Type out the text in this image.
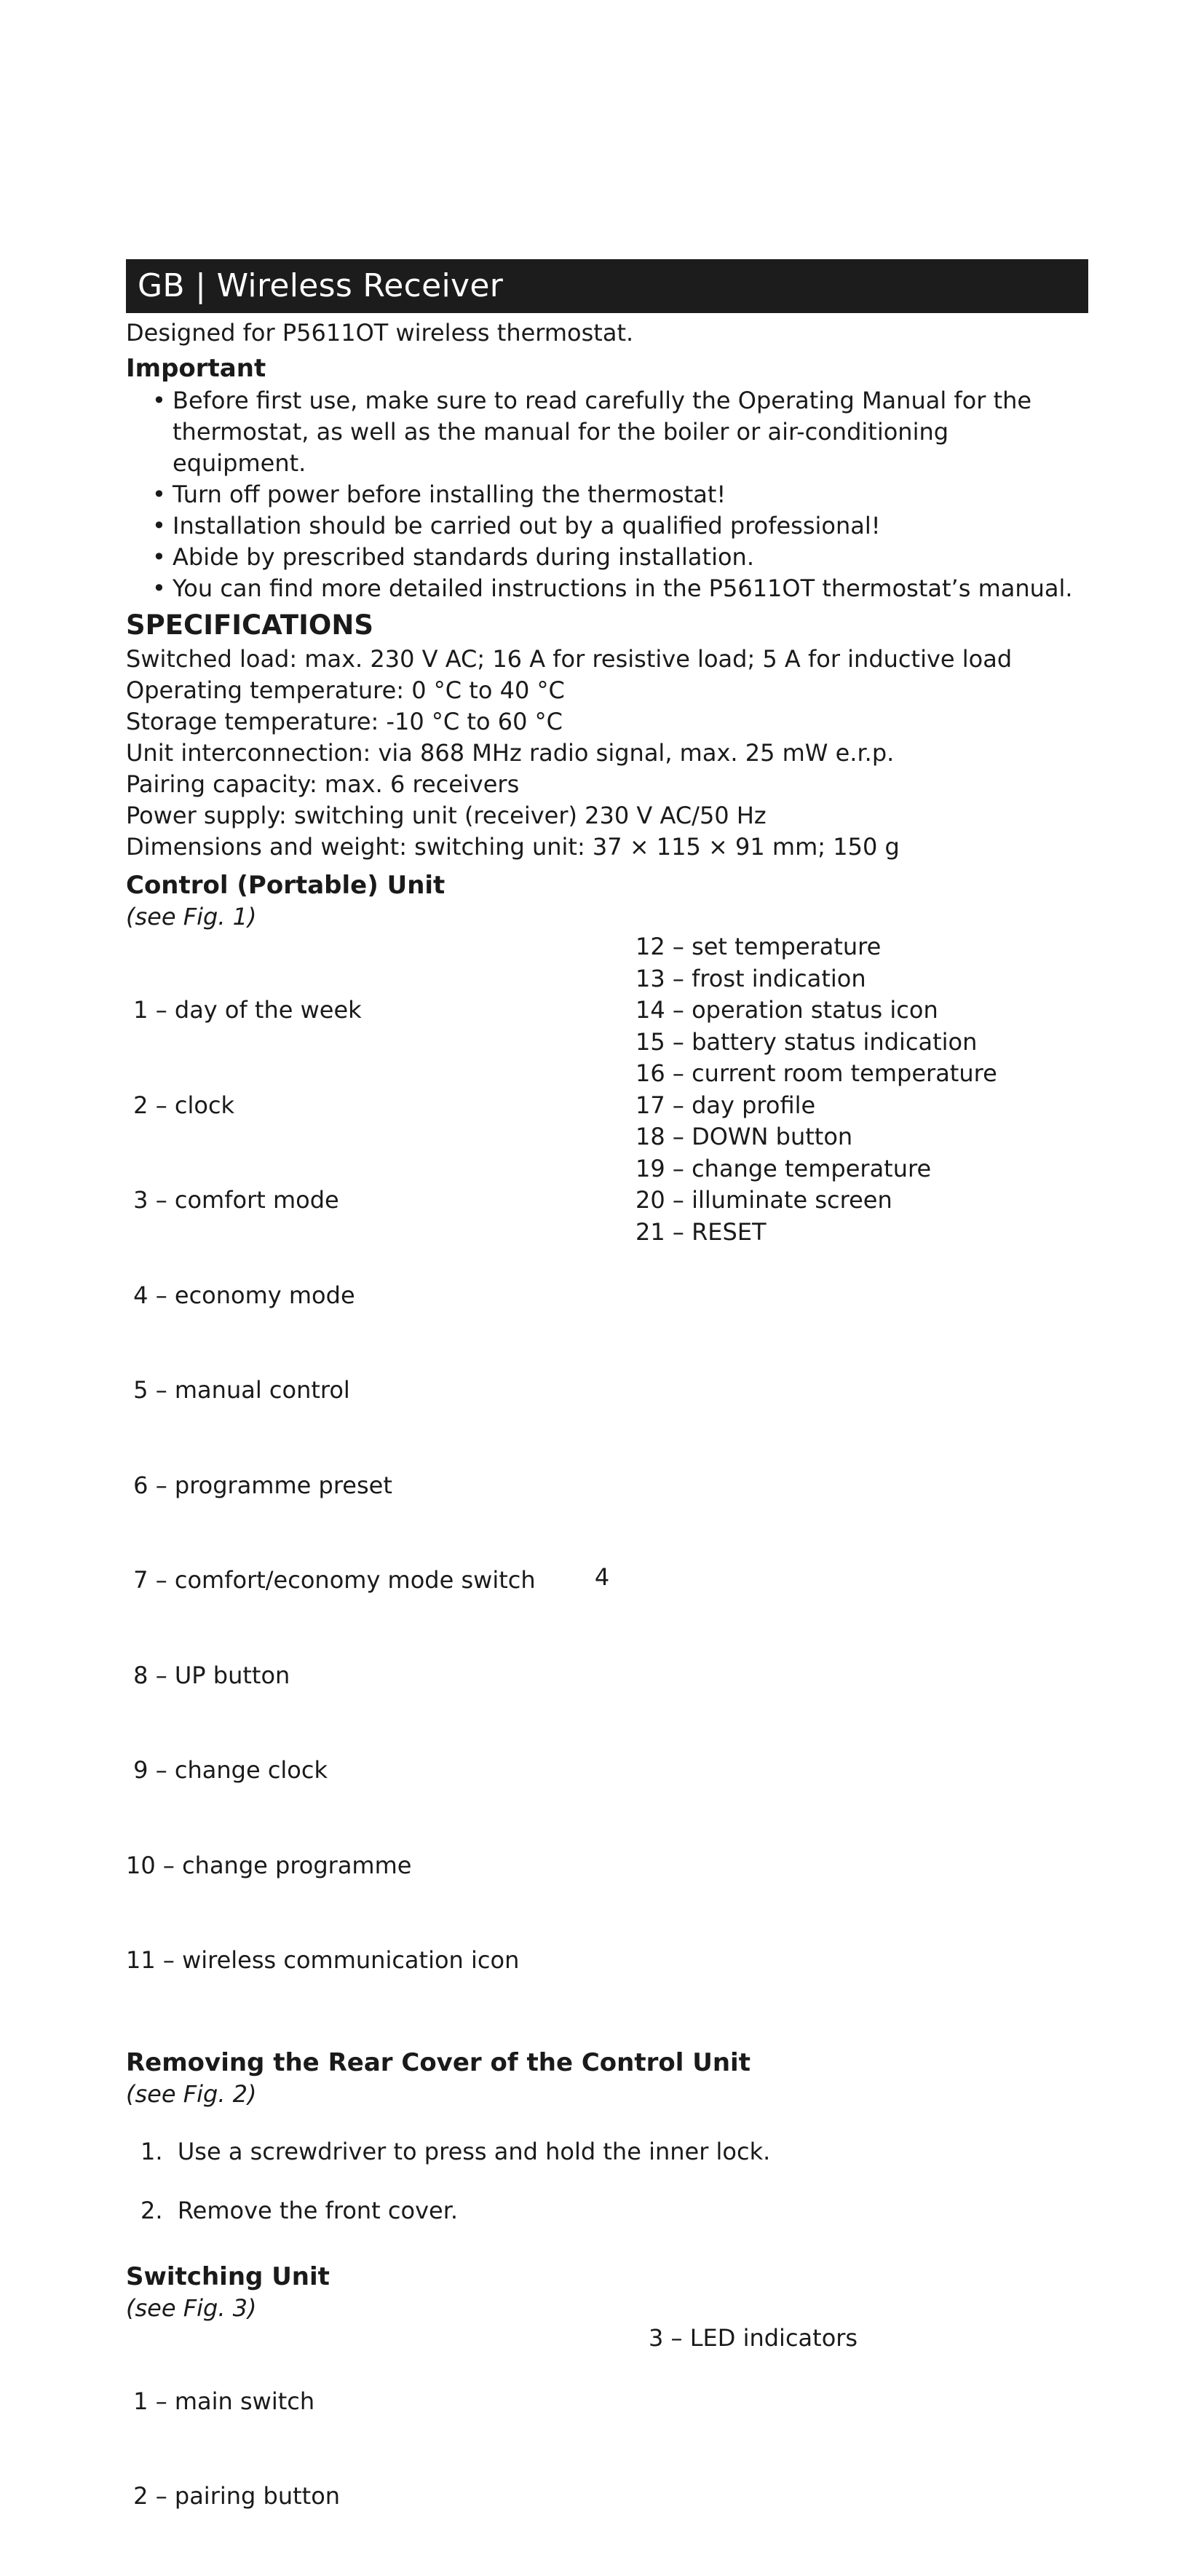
GB | Wireless Receiver

Designed for P5611OT wireless thermostat.

Important

• Before first use, make sure to read carefully the Operating Manual for the thermostat, as well as the manual for the boiler or air-conditioning equipment.
• Turn off power before installing the thermostat!
• Installation should be carried out by a qualified professional!
• Abide by prescribed standards during installation.
• You can find more detailed instructions in the P5611OT thermostat’s manual.

SPECIFICATIONS

Switched load: max. 230 V AC; 16 A for resistive load; 5 A for inductive load

Operating temperature: 0 °C to 40 °C

Storage temperature: -10 °C to 60 °C

Unit interconnection: via 868 MHz radio signal, max. 25 mW e.r.p.

Pairing capacity: max. 6 receivers

Power supply: switching unit (receiver) 230 V AC/50 Hz

Dimensions and weight: switching unit: 37 × 115 × 91 mm; 150 g

Control (Portable) Unit

(see Fig. 1)

1 – day of the week

2 – clock

3 – comfort mode

4 – economy mode

5 – manual control

6 – programme preset

7 – comfort/economy mode switch

8 – UP button

9 – change clock

10 – change programme

11 – wireless communication icon

12 – set temperature
13 – frost indication
14 – operation status icon
15 – battery status indication
16 – current room temperature
17 – day profile
18 – DOWN button
19 – change temperature
20 – illuminate screen
21 – RESET

Removing the Rear Cover of the Control Unit

(see Fig. 2)

1.  Use a screwdriver to press and hold the inner lock.

2.  Remove the front cover.

Switching Unit

(see Fig. 3)

1 – main switch

2 – pairing button

3 – LED indicators
4
